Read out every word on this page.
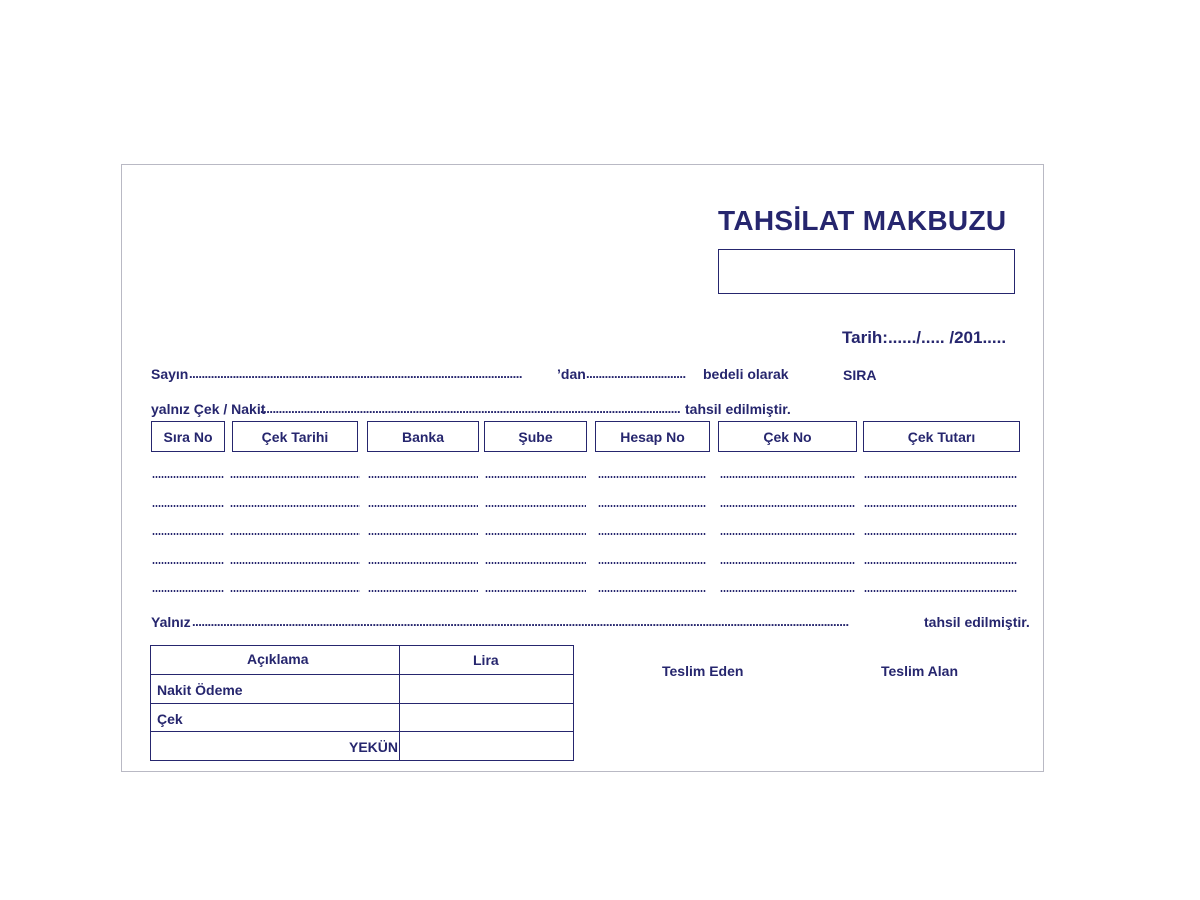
TAHSİLAT MAKBUZU
Tarih:....../..... /201.....
Sayın ...........................................................................................................	’dan ................................	bedeli olarak	SIRA
yalnız Çek / Nakit
....................................................................................................................................... tahsil edilmiştir.
Sıra No	Çek Tarihi	Banka	Şube	Hesap No	Çek No	Çek Tutarı
Yalnız ...................................................................................................................................................................................................................	tahsil edilmiştir.
Açıklama	Lira
Nakit Ödeme
Çek
YEKÜN
Teslim Eden	Teslim Alan
